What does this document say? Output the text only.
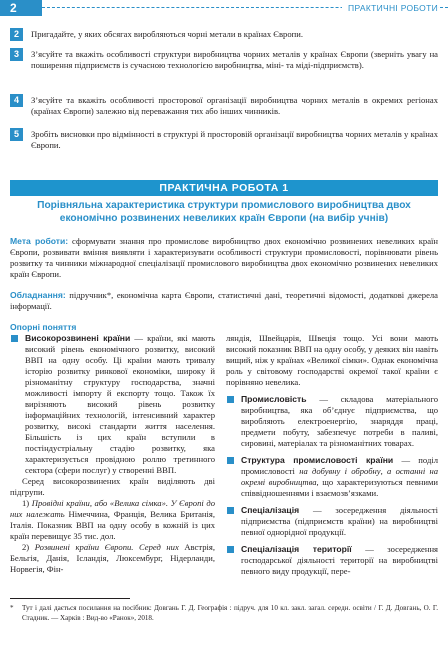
2	ПРАКТИЧНІ РОБОТИ
2	Пригадайте, у яких обсягах виробляються чорні метали в країнах Європи.
3	З’ясуйте та вкажіть особливості структури виробництва чорних металів у країнах Європи (зверніть увагу на поширення підприємств із сучасною технологією виробництва, міні- та міді-підприємств).
4	З’ясуйте та вкажіть особливості просторової організації виробництва чорних металів в окремих регіонах (країнах Європи) залежно від переважання тих або інших чинників.
5	Зробіть висновки про відмінності в структурі й просторовій організації виробництва чорних металів у країнах Європи.
ПРАКТИЧНА РОБОТА 1
Порівняльна характеристика структури промислового виробництва двох економічно розвинених невеликих країн Європи (на вибір учнів)
Мета роботи: сформувати знання про промислове виробництво двох економічно розвинених невеликих країн Європи, розвивати вміння виявляти і характеризувати особливості структури промисловості, порівнювати рівень розвитку та чинники міжнародної спеціалізації промислового виробництва двох економічно розвинених невеликих країн Європи.
Обладнання: підручник*, економічна карта Європи, статистичні дані, теоретичні відомості, додаткові джерела інформації.
Опорні поняття

Високорозвинені країни — країни, які мають високий рівень економічного розвитку, високий ВВП на одну особу. Ці країни мають тривалу історію розвитку ринкової економіки, широку й різноманітну структуру господарства, значні можливості імпорту й експорту тощо. Також їх вирізняють високий рівень розвитку інформаційних технологій, інтенсивний характер розвитку, високі стандарти життя населення. Більшість із цих країн вступили в постіндустріальну стадію розвитку, яка характеризується провідною роллю третинного сектора (сфери послуг) у створенні ВВП.

Серед високорозвинених країн виділяють дві підгрупи.

1) Провідні країни, або «Велика сімка». У Європі до них належать Німеччина, Франція, Велика Британія, Італія. Показник ВВП на одну особу в кожній із цих країн перевищує 35 тис. дол.

2) Розвинені країни Європи. Серед них Австрія, Бельгія, Данія, Ісландія, Люксембург, Нідерланди, Норвегія, Фін-

ляндія, Швейцарія, Швеція тощо. Усі вони мають високий показник ВВП на одну особу, у деяких він навіть вищий, ніж у країнах «Великої сімки». Однак економічна роль у світовому господарстві окремої такої країни є порівняно невелика.

Промисловість — складова матеріального виробництва, яка об’єднує підприємства, що виробляють електроенергію, знаряддя праці, предмети побуту, забезпечує потреби в паливі, сировині, матеріалах та різноманітних товарах.

Структура промисловості країни — поділ промисловості на добувну і обробну, а останні на окремі виробництва, що характеризуються певними співвідношеннями і взаємозв’язками.

Спеціалізація — зосередження діяльності підприємства (підприємств країни) на виробництві певної однорідної продукції.

Спеціалізація території — зосередження господарської діяльності території на виробництві певного виду продукції, пере-

*	Тут і далі дається посилання на посібник: Довгань Г. Д. Географія : підруч. для 10 кл. закл. загал. середн. освіти / Г. Д. Довгань, О. Г. Стадник. — Харків : Вид-во «Ранок», 2018.
